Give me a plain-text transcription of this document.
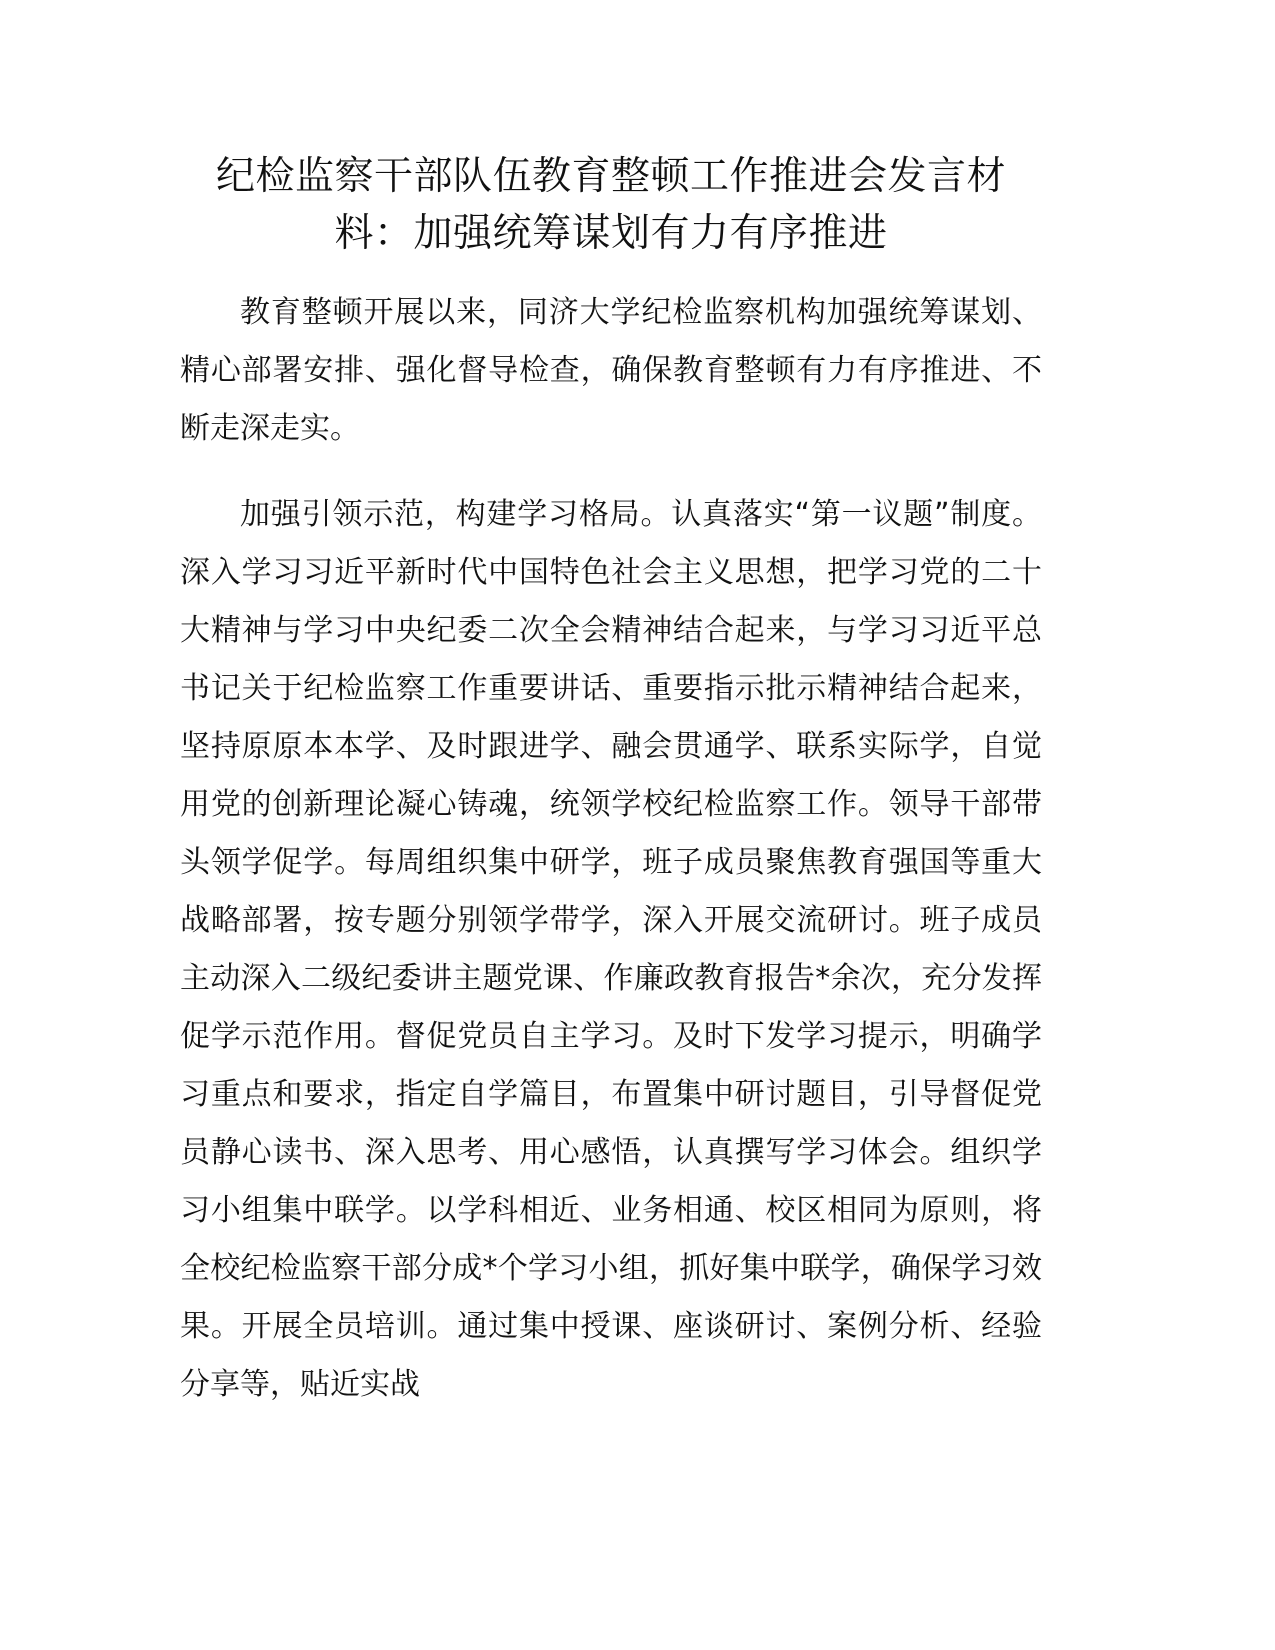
纪检监察干部队伍教育整顿工作推进会发言材料：加强统筹谋划有力有序推进

教育整顿开展以来，同济大学纪检监察机构加强统筹谋划、精心部署安排、强化督导检查，确保教育整顿有力有序推进、不断走深走实。

加强引领示范，构建学习格局。认真落实“第一议题”制度。深入学习习近平新时代中国特色社会主义思想，把学习党的二十大精神与学习中央纪委二次全会精神结合起来，与学习习近平总书记关于纪检监察工作重要讲话、重要指示批示精神结合起来，坚持原原本本学、及时跟进学、融会贯通学、联系实际学，自觉用党的创新理论凝心铸魂，统领学校纪检监察工作。领导干部带头领学促学。每周组织集中研学，班子成员聚焦教育强国等重大战略部署，按专题分别领学带学，深入开展交流研讨。班子成员主动深入二级纪委讲主题党课、作廉政教育报告*余次，充分发挥促学示范作用。督促党员自主学习。及时下发学习提示，明确学习重点和要求，指定自学篇目，布置集中研讨题目，引导督促党员静心读书、深入思考、用心感悟，认真撰写学习体会。组织学习小组集中联学。以学科相近、业务相通、校区相同为原则，将全校纪检监察干部分成*个学习小组，抓好集中联学，确保学习效果。开展全员培训。通过集中授课、座谈研讨、案例分析、经验分享等，贴近实战
